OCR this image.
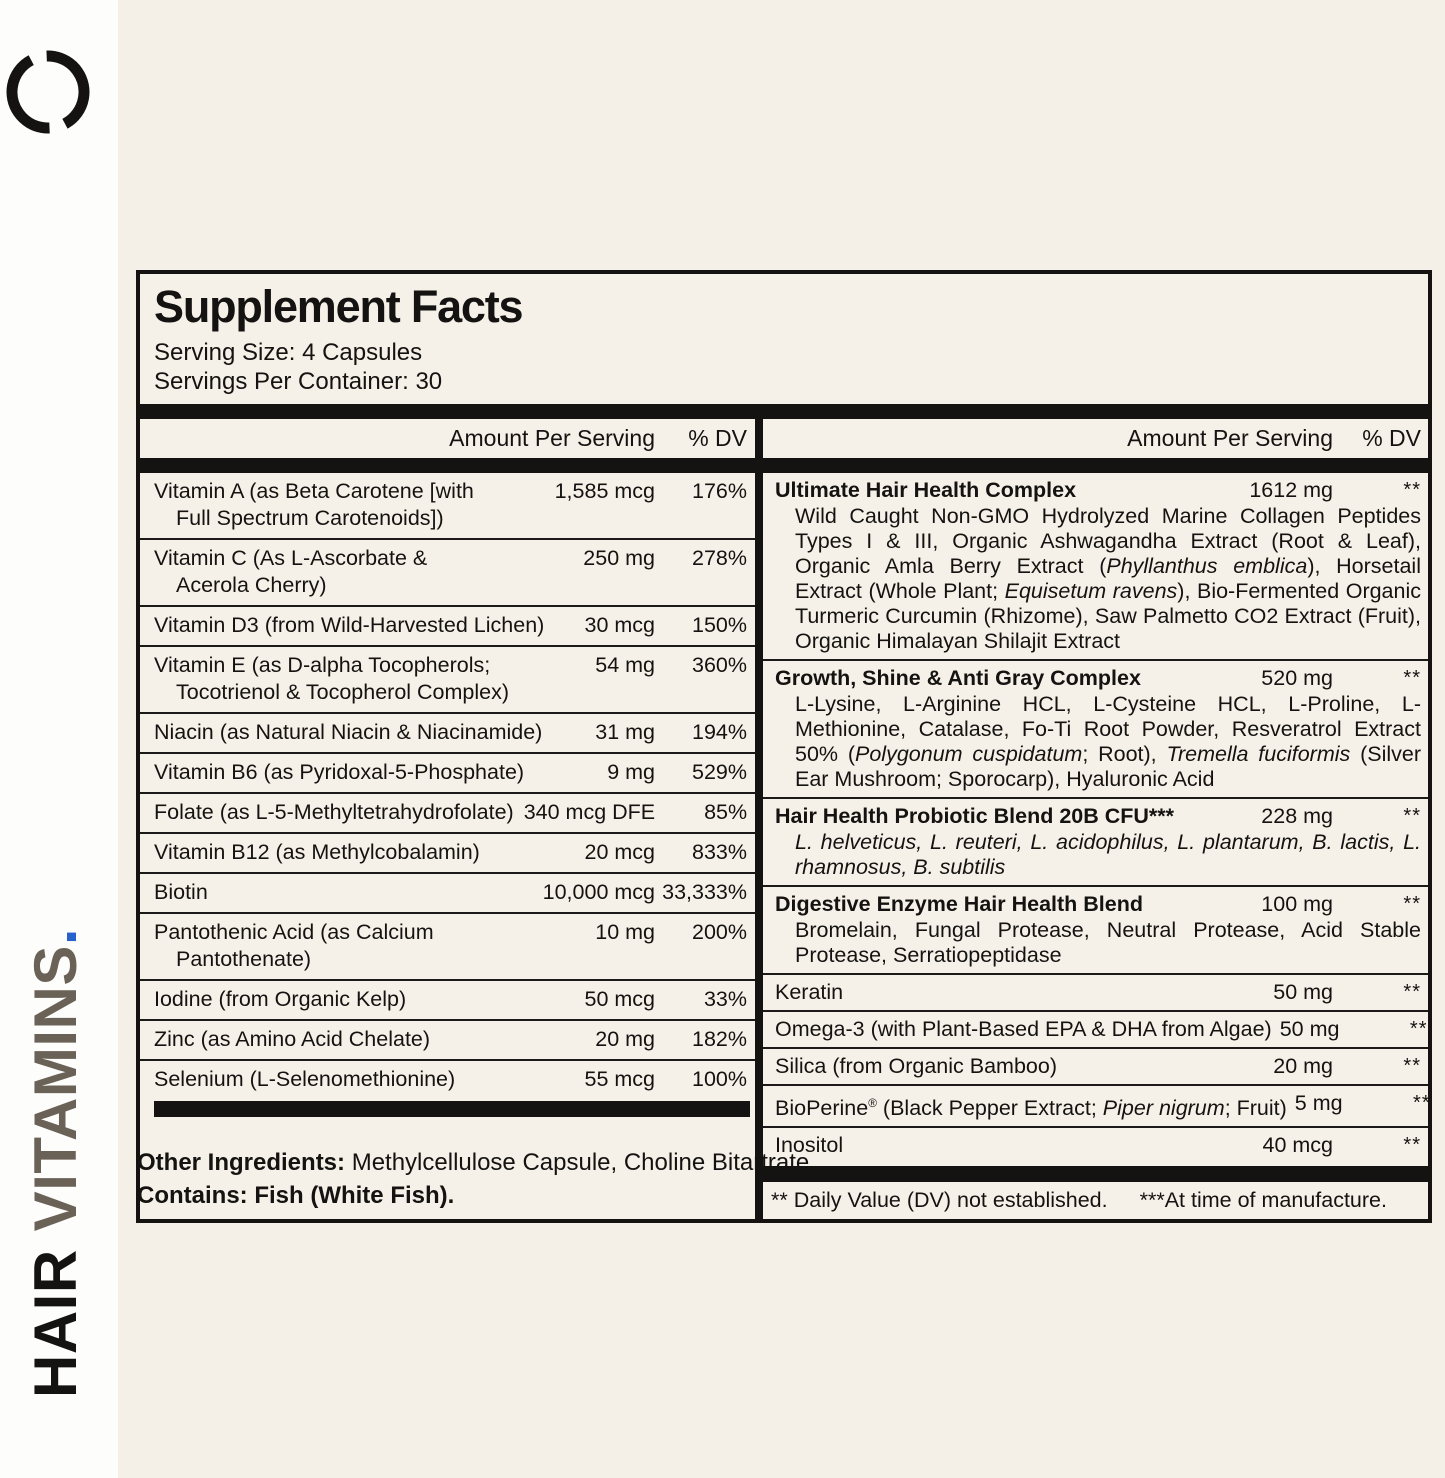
HAIRVITAMINS.
Supplement Facts
Serving Size: 4 Capsules
Servings Per Container: 30
Amount Per Serving	% DV	Amount Per Serving	% DV
Vitamin A (as Beta Carotene [with
Full Spectrum Carotenoids])
1,585 mcg	176%
Vitamin C (As L-Ascorbate &
Acerola Cherry)
250 mg	278%
Vitamin D3 (from Wild-Harvested Lichen)	30 mcg	150%
Vitamin E (as D-alpha Tocopherols;
Tocotrienol & Tocopherol Complex)
54 mg	360%
Niacin (as Natural Niacin & Niacinamide)	31 mg	194%
Vitamin B6 (as Pyridoxal-5-Phosphate)	9 mg	529%
Folate (as L-5-Methyltetrahydrofolate) 340 mcg DFE	85%
Vitamin B12 (as Methylcobalamin)	20 mcg	833%
Biotin	10,000 mcg 33,333%
Pantothenic Acid (as Calcium
Pantothenate)
10 mg	200%
Iodine (from Organic Kelp)	50 mcg	33%
Zinc (as Amino Acid Chelate)	20 mg	182%
Selenium (L-Selenomethionine)	55 mcg	100%
Ultimate Hair Health Complex	1612 mg	**
Wild Caught Non-GMO Hydrolyzed Marine Collagen Peptides Types I & III, Organic Ashwagandha Extract (Root & Leaf), Organic Amla Berry Extract (Phyllanthus emblica), Horsetail Extract (Whole Plant; Equisetum ravens), Bio-Fermented Organic Turmeric Curcumin (Rhizome), Saw Palmetto CO2 Extract (Fruit), Organic Himalayan Shilajit Extract
Growth, Shine & Anti Gray Complex	520 mg	**
L-Lysine, L-Arginine HCL, L-Cysteine HCL, L-Proline, L-Methionine, Catalase, Fo-Ti Root Powder, Resveratrol Extract 50% (Polygonum cuspidatum; Root), Tremella fuciformis (Silver Ear Mushroom; Sporocarp), Hyaluronic Acid
Hair Health Probiotic Blend 20B CFU***	228 mg	**
L. helveticus, L. reuteri, L. acidophilus, L. plantarum, B. lactis, L. rhamnosus, B. subtilis
Digestive Enzyme Hair Health Blend	100 mg	**
Bromelain, Fungal Protease, Neutral Protease, Acid Stable Protease, Serratiopeptidase
Keratin	50 mg	**
Omega-3 (with Plant-Based EPA & DHA from Algae) 50 mg	**
Silica (from Organic Bamboo)	20 mg	**
BioPerine® (Black Pepper Extract; Piper nigrum; Fruit) 5 mg	**
Inositol	40 mcg	**
** Daily Value (DV) not established. ***At time of manufacture.
Other Ingredients: Methylcellulose Capsule, Choline Bitartrate.
Contains: Fish (White Fish).
